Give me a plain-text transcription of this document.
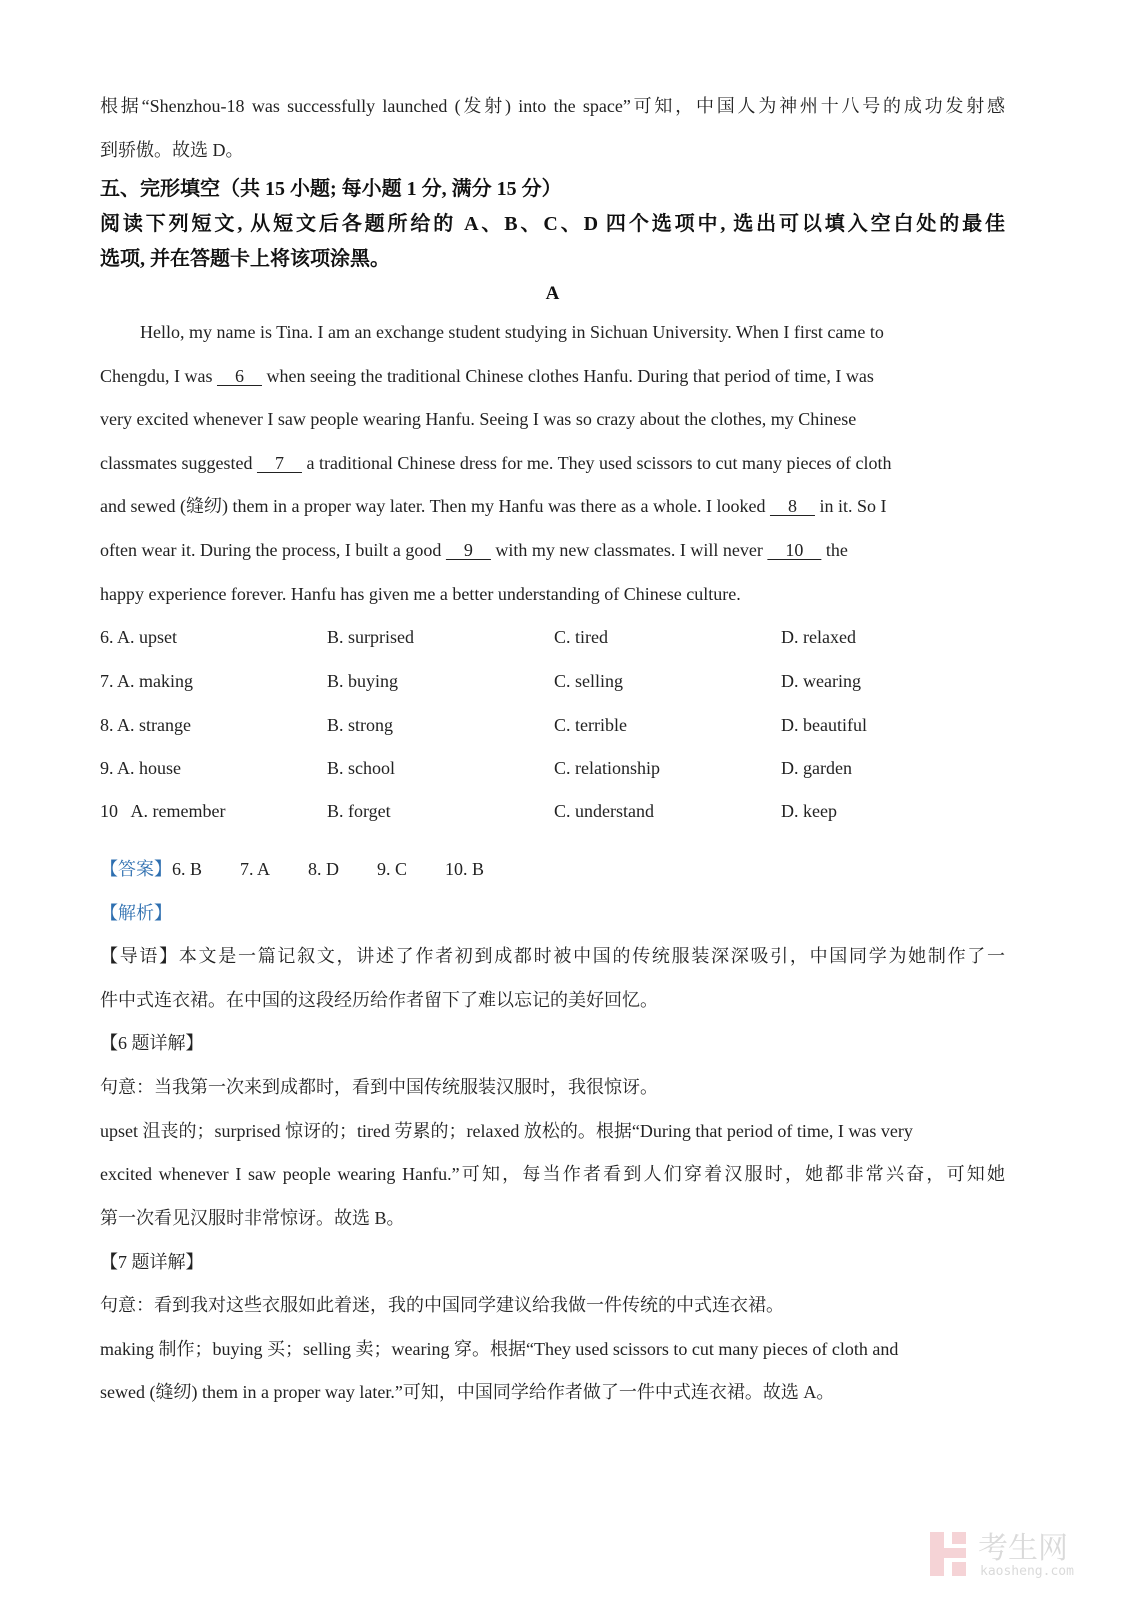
根据“Shenzhou-18 was successfully launched (发射) into the space”可知，中国人为神州十八号的成功发射感
到骄傲。故选 D。
五、完形填空（共 15 小题; 每小题 1 分, 满分 15 分）
阅读下列短文, 从短文后各题所给的 A、B、C、D 四个选项中, 选出可以填入空白处的最佳
选项, 并在答题卡上将该项涂黑。
A
Hello, my name is Tina. I am an exchange student studying in Sichuan University. When I first came to
Chengdu, I was     6     when seeing the traditional Chinese clothes Hanfu. During that period of time, I was
very excited whenever I saw people wearing Hanfu. Seeing I was so crazy about the clothes, my Chinese
classmates suggested     7     a traditional Chinese dress for me. They used scissors to cut many pieces of cloth
and sewed (缝纫) them in a proper way later. Then my Hanfu was there as a whole. I looked     8     in it. So I
often wear it. During the process, I built a good     9     with my new classmates. I will never     10     the
happy experience forever. Hanfu has given me a better understanding of Chinese culture.
6. A. upset	B. surprised	C. tired	D. relaxed
7. A. making	B. buying	C. selling	D. wearing
8. A. strange	B. strong	C. terrible	D. beautiful
9. A. house	B. school	C. relationship	D. garden
10   A. remember	B. forget	C. understand	D. keep
【答案】6. B 7. A 8. D 9. C 10. B
【解析】
【导语】本文是一篇记叙文，讲述了作者初到成都时被中国的传统服装深深吸引，中国同学为她制作了一
件中式连衣裙。在中国的这段经历给作者留下了难以忘记的美好回忆。
【6 题详解】
句意：当我第一次来到成都时，看到中国传统服装汉服时，我很惊讶。
upset 沮丧的；surprised 惊讶的；tired 劳累的；relaxed 放松的。根据“During that period of time, I was very
excited whenever I saw people wearing Hanfu.”可知，每当作者看到人们穿着汉服时，她都非常兴奋，可知她
第一次看见汉服时非常惊讶。故选 B。
【7 题详解】
句意：看到我对这些衣服如此着迷，我的中国同学建议给我做一件传统的中式连衣裙。
making 制作；buying 买；selling 卖；wearing 穿。根据“They used scissors to cut many pieces of cloth and
sewed (缝纫) them in a proper way later.”可知，中国同学给作者做了一件中式连衣裙。故选 A。
考生网
kaosheng.com
